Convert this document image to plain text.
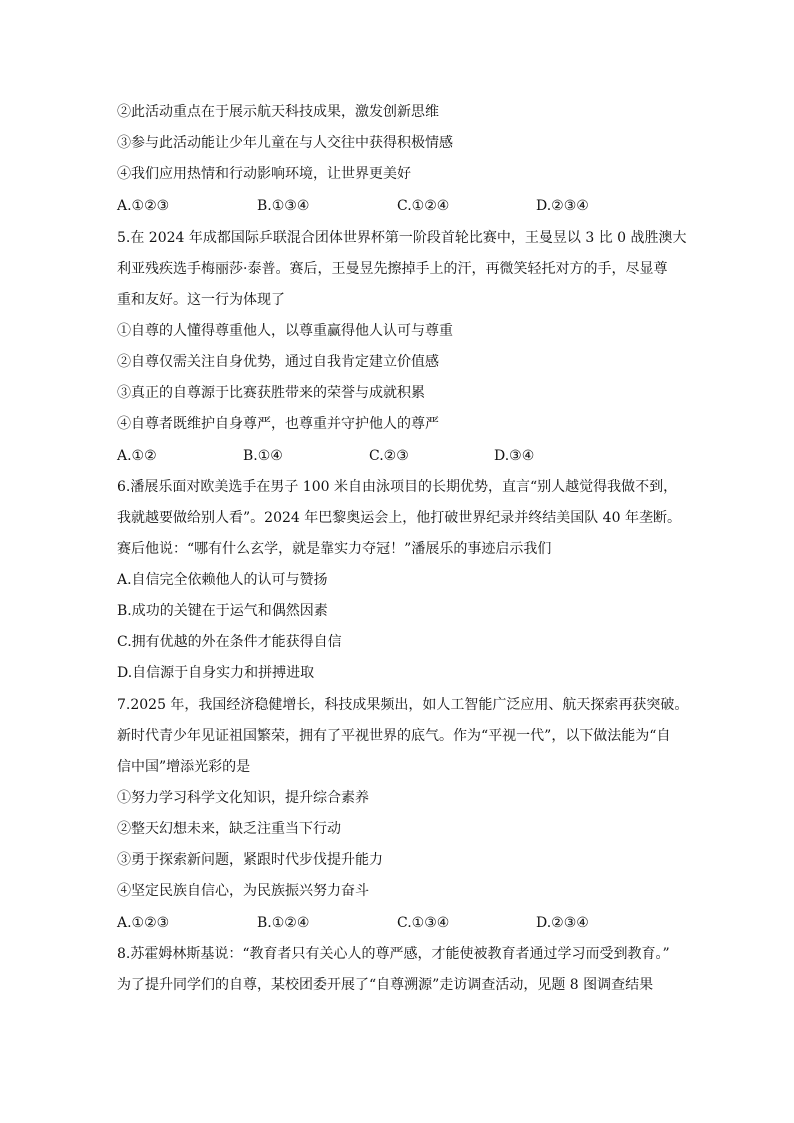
②此活动重点在于展示航天科技成果，激发创新思维
③参与此活动能让少年儿童在与人交往中获得积极情感
④我们应用热情和行动影响环境，让世界更美好
A.①②③	B.①③④	C.①②④	D.②③④
5.在 2024 年成都国际乒联混合团体世界杯第一阶段首轮比赛中，王曼昱以 3 比 0 战胜澳大
利亚残疾选手梅丽莎·泰普。赛后，王曼昱先擦掉手上的汗，再微笑轻托对方的手，尽显尊
重和友好。这一行为体现了
①自尊的人懂得尊重他人，以尊重赢得他人认可与尊重
②自尊仅需关注自身优势，通过自我肯定建立价值感
③真正的自尊源于比赛获胜带来的荣誉与成就积累
④自尊者既维护自身尊严，也尊重并守护他人的尊严
A.①②	B.①④	C.②③	D.③④
6.潘展乐面对欧美选手在男子 100 米自由泳项目的长期优势，直言“别人越觉得我做不到，
我就越要做给别人看”。2024 年巴黎奥运会上，他打破世界纪录并终结美国队 40 年垄断。
赛后他说：“哪有什么玄学，就是靠实力夺冠！”潘展乐的事迹启示我们
A.自信完全依赖他人的认可与赞扬
B.成功的关键在于运气和偶然因素
C.拥有优越的外在条件才能获得自信
D.自信源于自身实力和拼搏进取
7.2025 年，我国经济稳健增长，科技成果频出，如人工智能广泛应用、航天探索再获突破。
新时代青少年见证祖国繁荣，拥有了平视世界的底气。作为“平视一代”，以下做法能为“自
信中国”增添光彩的是
①努力学习科学文化知识，提升综合素养
②整天幻想未来，缺乏注重当下行动
③勇于探索新问题，紧跟时代步伐提升能力
④坚定民族自信心，为民族振兴努力奋斗
A.①②③	B.①②④	C.①③④	D.②③④
8.苏霍姆林斯基说：“教育者只有关心人的尊严感，才能使被教育者通过学习而受到教育。”
为了提升同学们的自尊，某校团委开展了“自尊溯源”走访调查活动，见题 8 图调查结果
